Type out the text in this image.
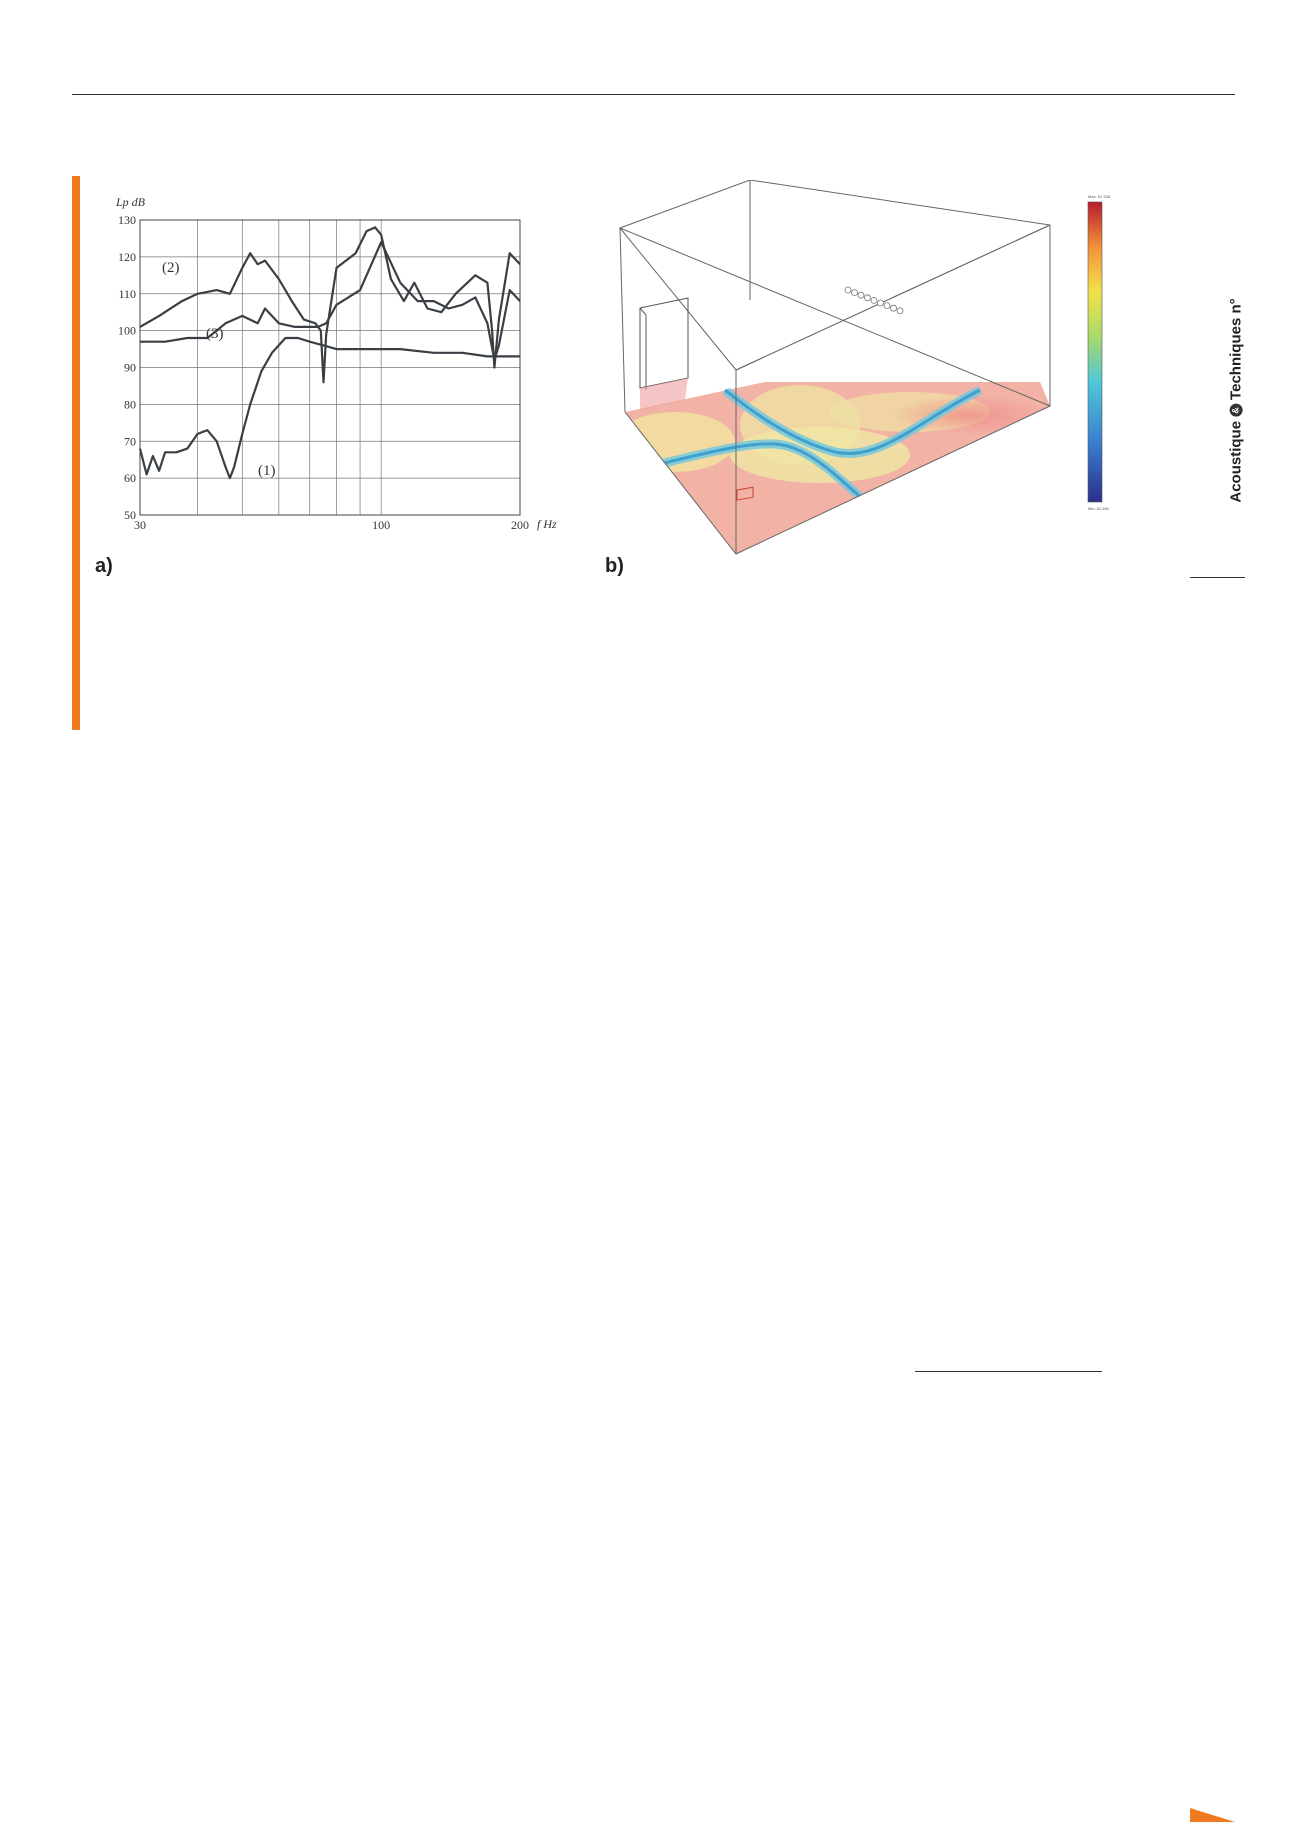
Lp dB
50
60
70
80
90
100
110
120
130
30	100	200 f Hz
(1)
(2)
(3)
a)
Max: 91.338
Min: 61.284
b)
Acoustique
&
Techniques n°
